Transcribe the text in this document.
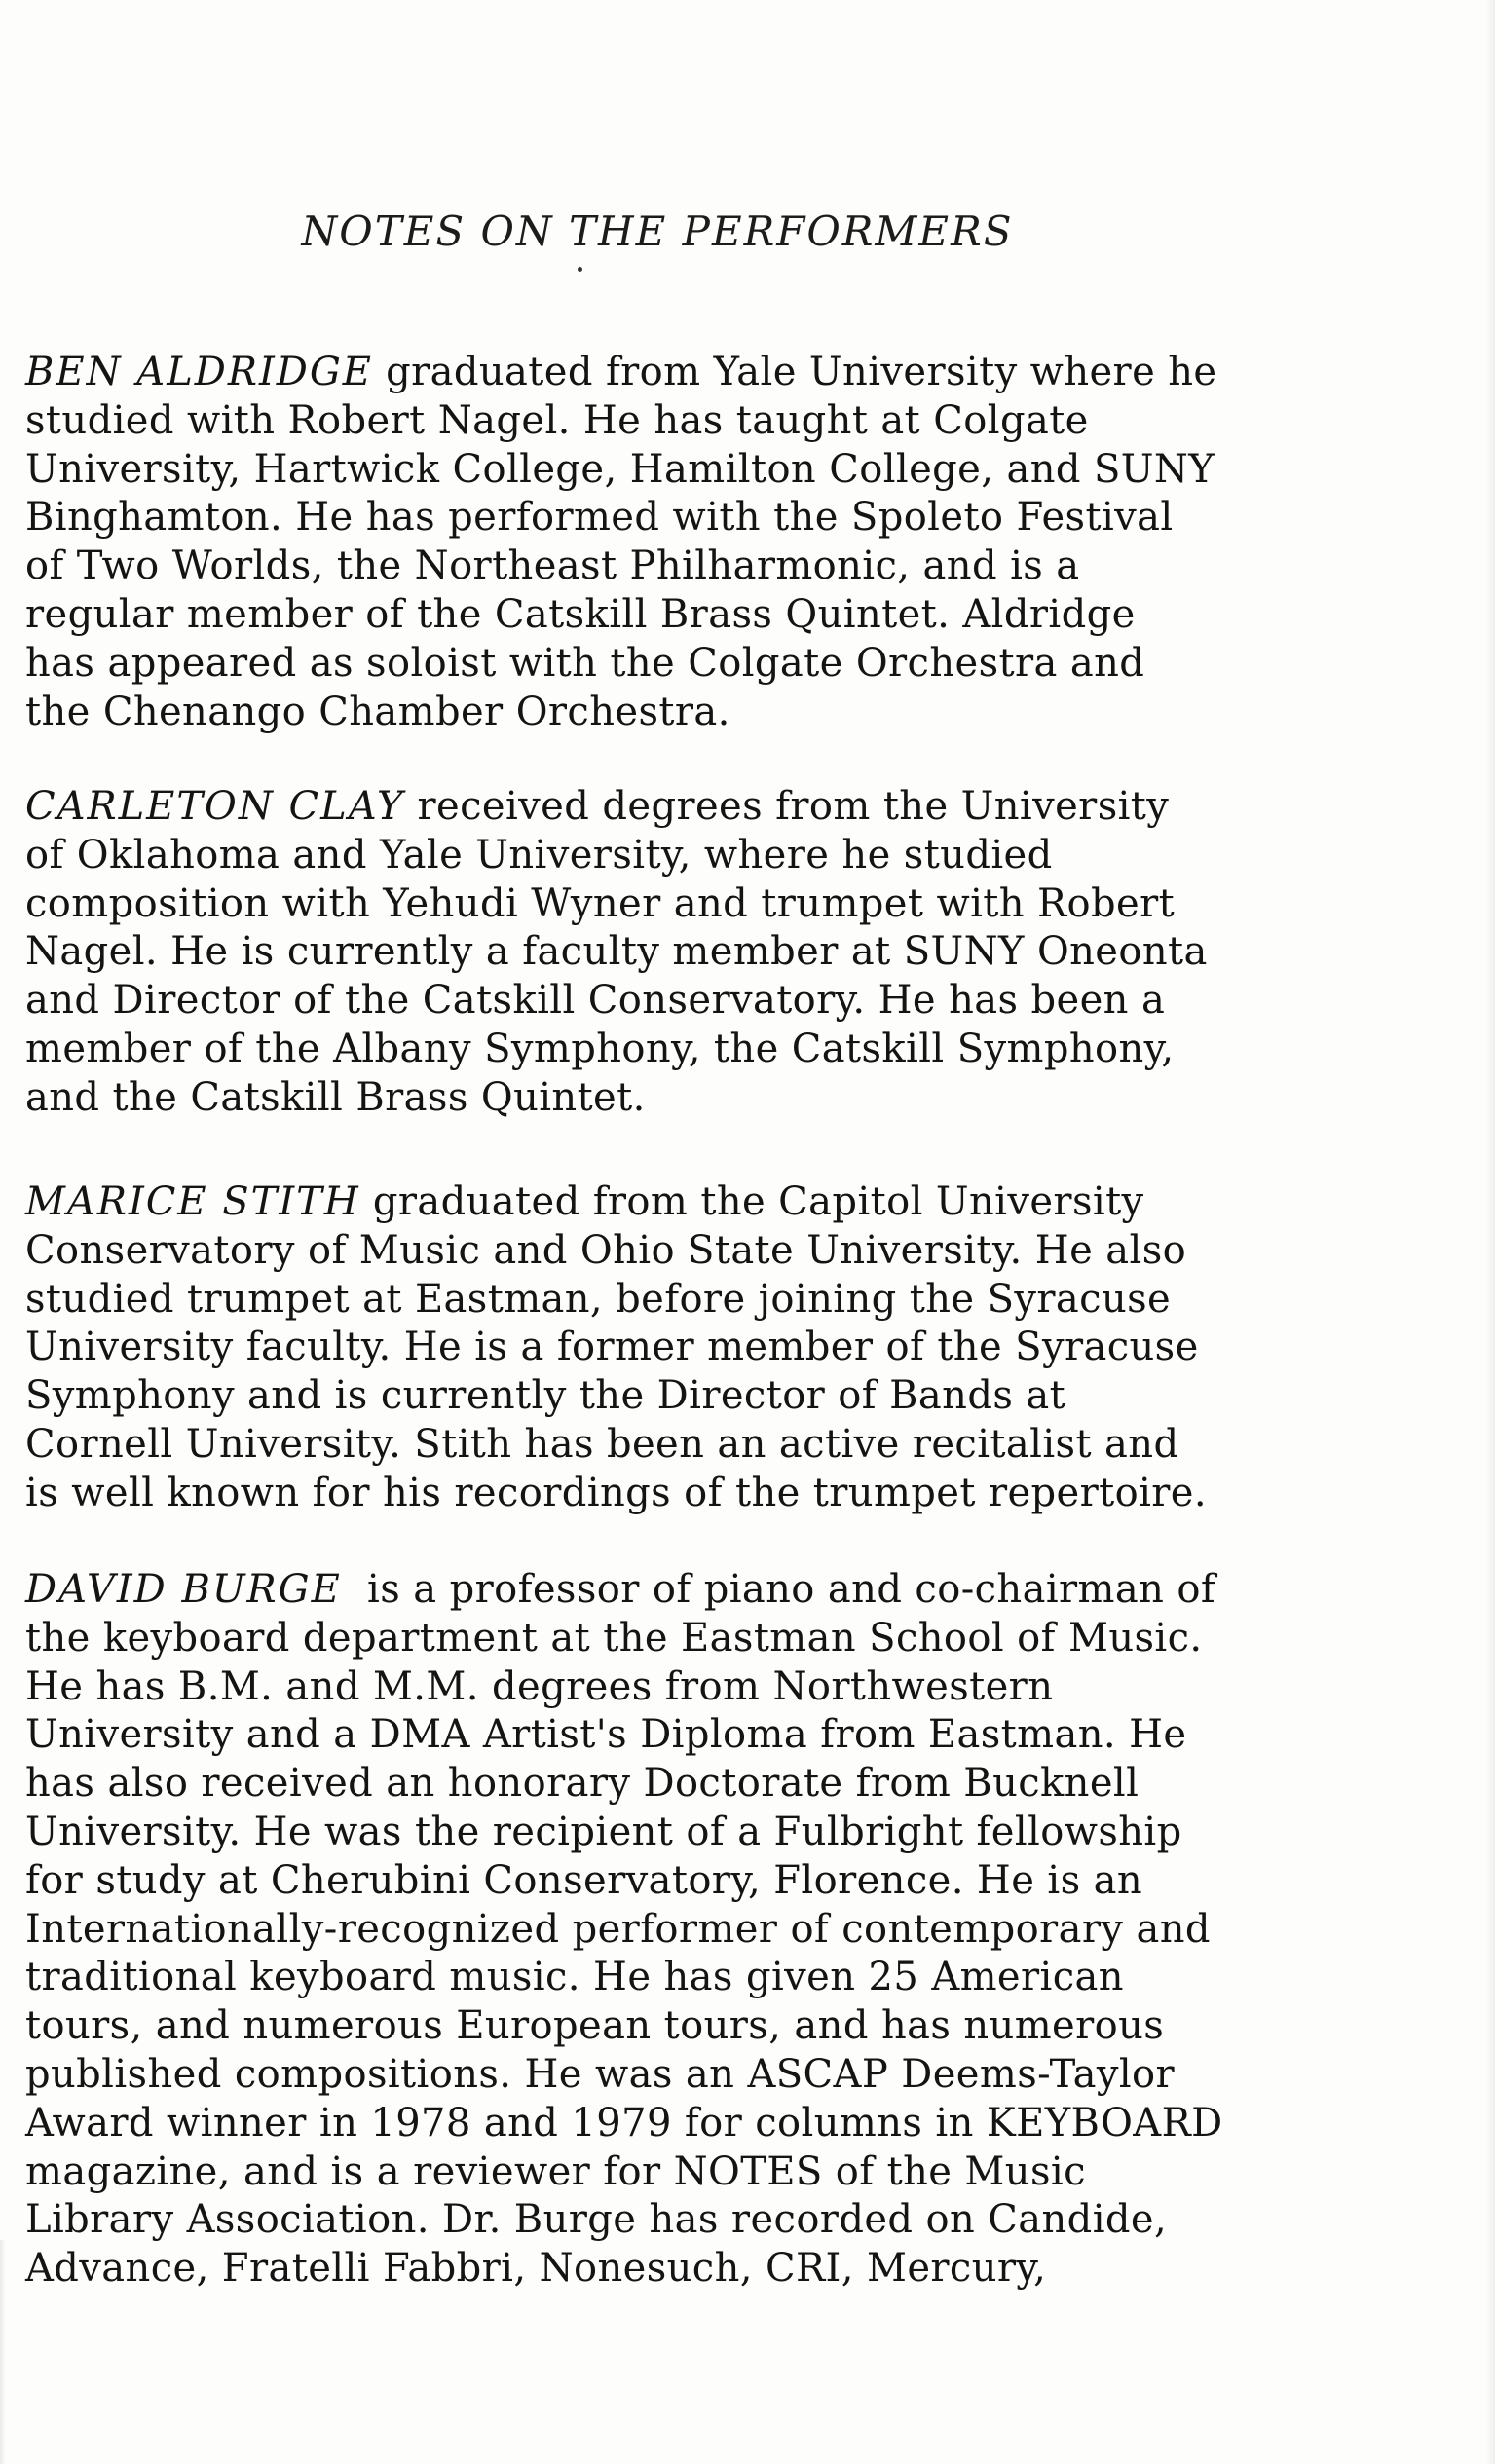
NOTES ON THE PERFORMERS
BEN ALDRIDGE graduated from Yale University where he
studied with Robert Nagel. He has taught at Colgate
University, Hartwick College, Hamilton College, and SUNY
Binghamton. He has performed with the Spoleto Festival
of Two Worlds, the Northeast Philharmonic, and is a
regular member of the Catskill Brass Quintet. Aldridge
has appeared as soloist with the Colgate Orchestra and
the Chenango Chamber Orchestra.
CARLETON CLAY received degrees from the University
of Oklahoma and Yale University, where he studied
composition with Yehudi Wyner and trumpet with Robert
Nagel. He is currently a faculty member at SUNY Oneonta
and Director of the Catskill Conservatory. He has been a
member of the Albany Symphony, the Catskill Symphony,
and the Catskill Brass Quintet.
MARICE STITH graduated from the Capitol University
Conservatory of Music and Ohio State University. He also
studied trumpet at Eastman, before joining the Syracuse
University faculty. He is a former member of the Syracuse
Symphony and is currently the Director of Bands at
Cornell University. Stith has been an active recitalist and
is well known for his recordings of the trumpet repertoire.
DAVID BURGE  is a professor of piano and co-chairman of
the keyboard department at the Eastman School of Music.
He has B.M. and M.M. degrees from Northwestern
University and a DMA Artist's Diploma from Eastman. He
has also received an honorary Doctorate from Bucknell
University. He was the recipient of a Fulbright fellowship
for study at Cherubini Conservatory, Florence. He is an
Internationally-recognized performer of contemporary and
traditional keyboard music. He has given 25 American
tours, and numerous European tours, and has numerous
published compositions. He was an ASCAP Deems-Taylor
Award winner in 1978 and 1979 for columns in KEYBOARD
magazine, and is a reviewer for NOTES of the Music
Library Association. Dr. Burge has recorded on Candide,
Advance, Fratelli Fabbri, Nonesuch, CRI, Mercury,
